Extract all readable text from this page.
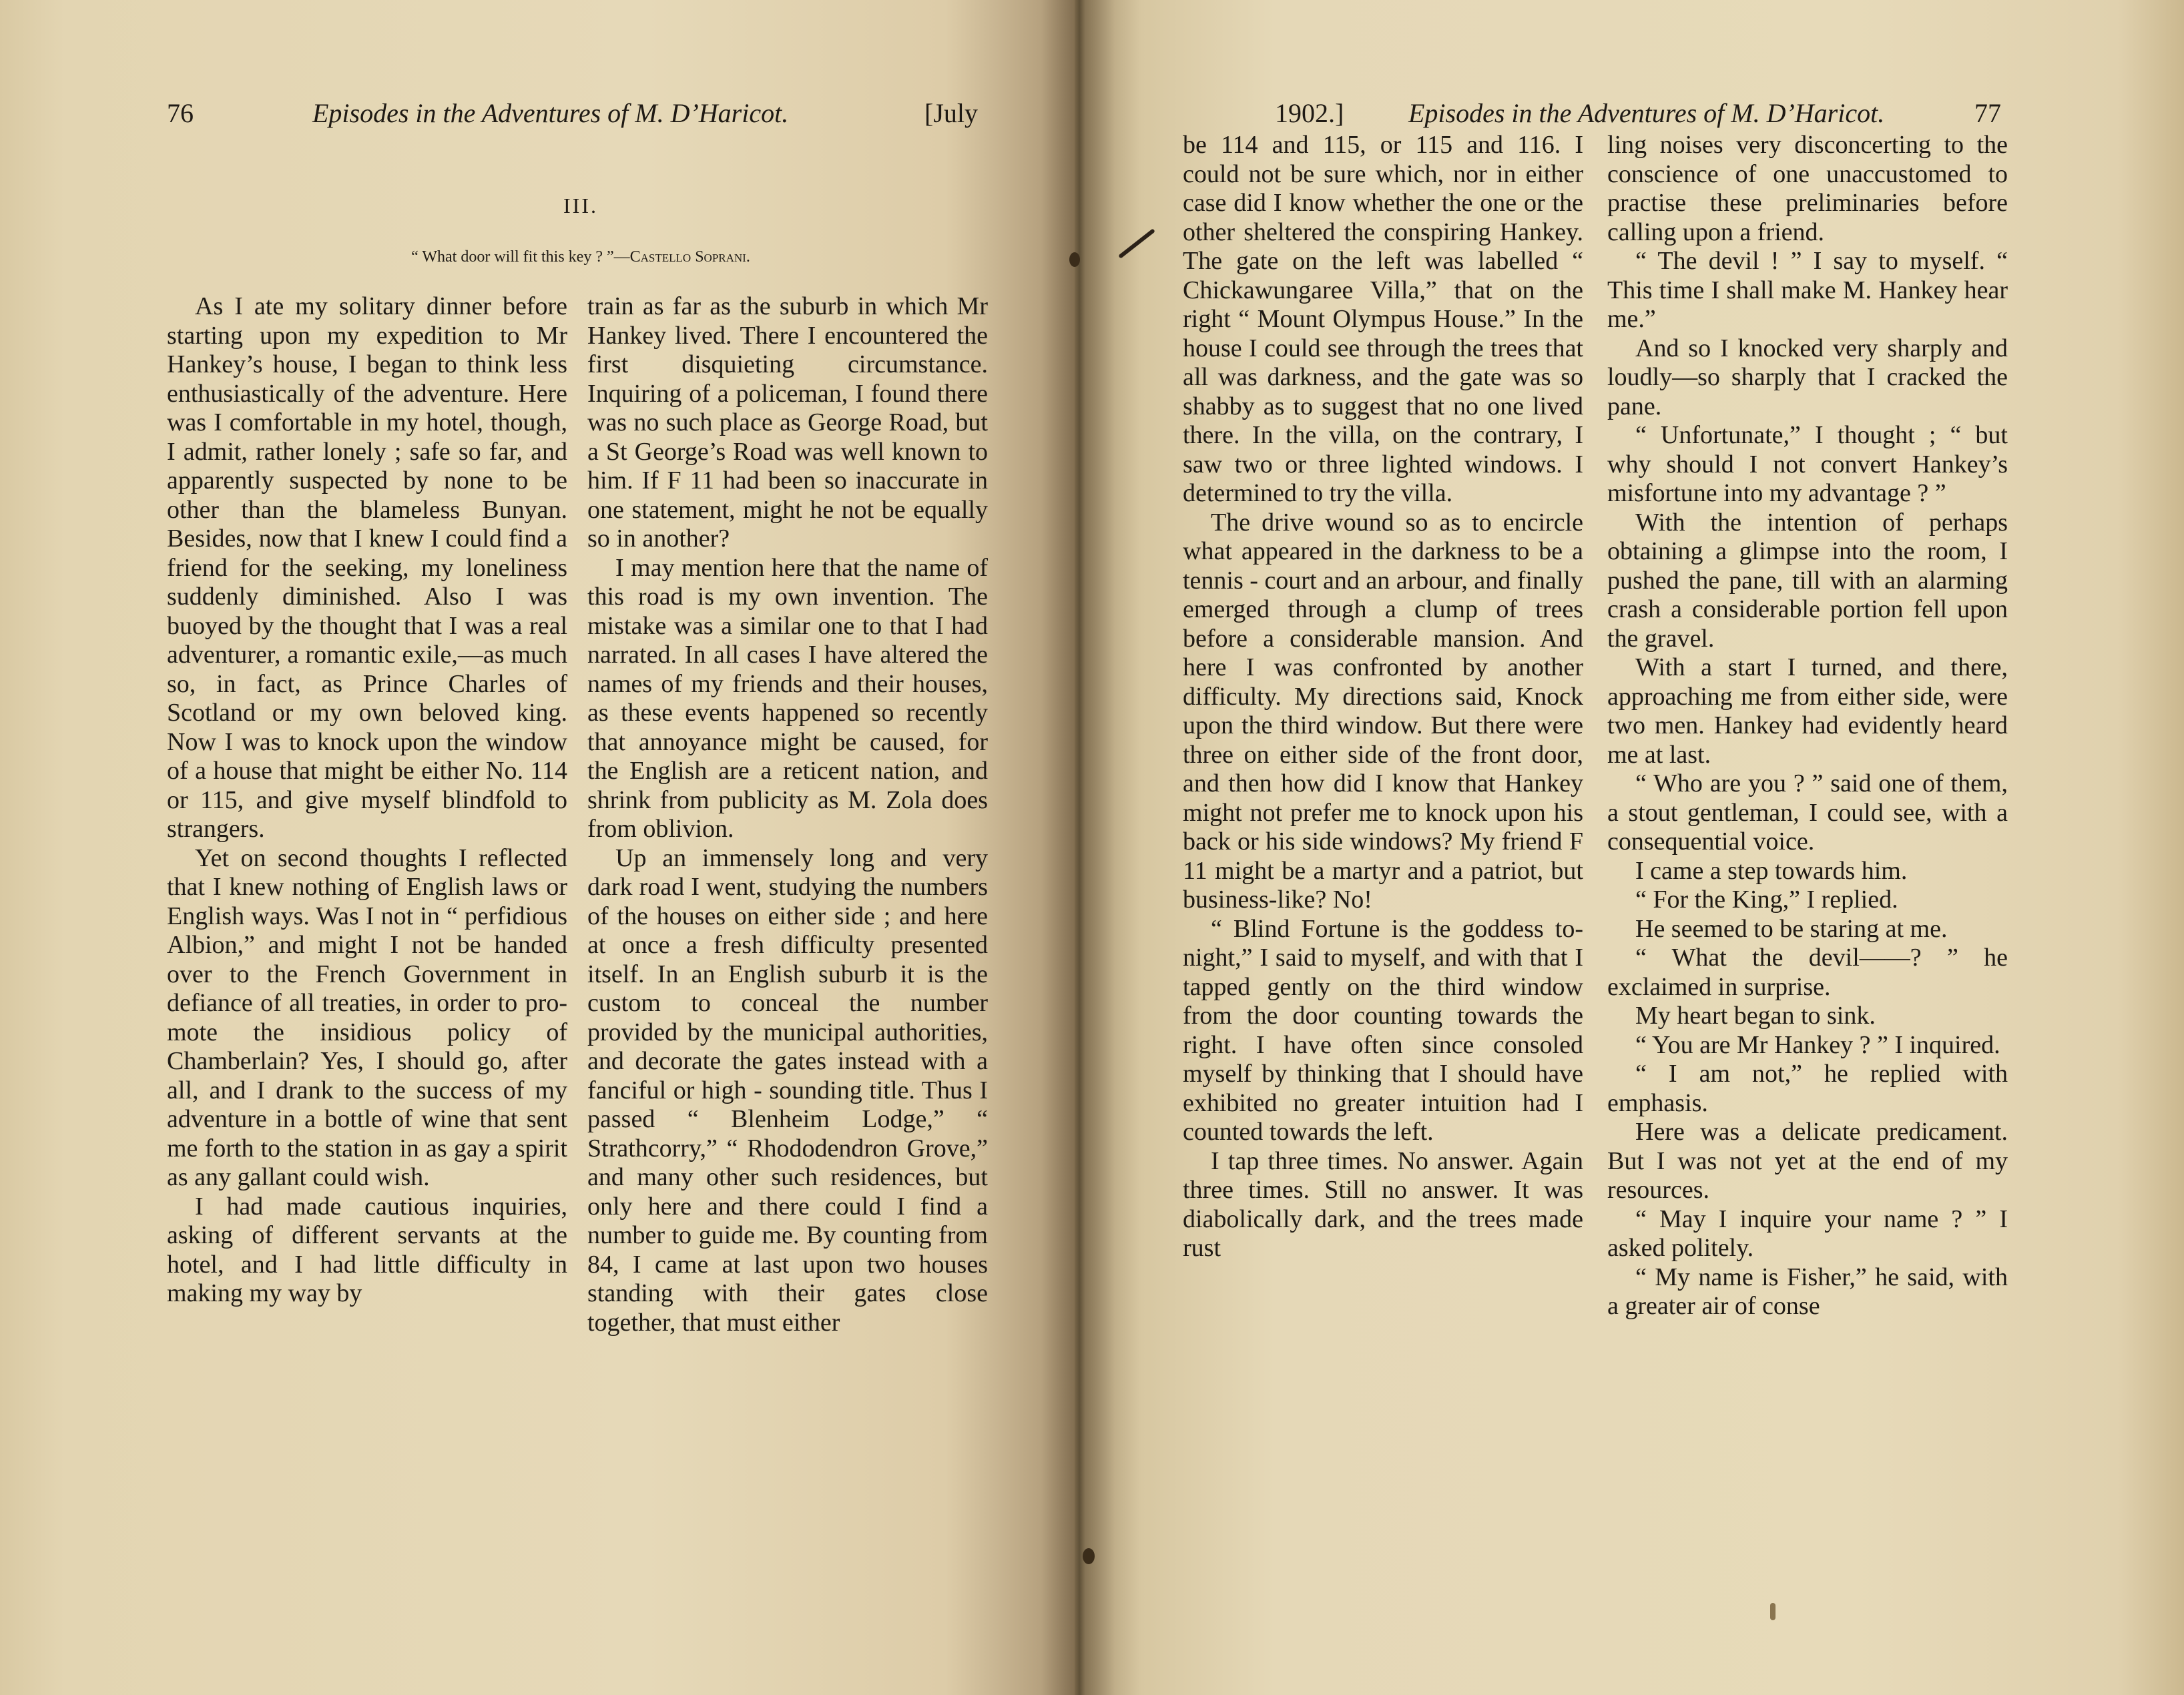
76	Episodes in the Adventures of M. D’Haricot.	[July
III.
“ What door will fit this key ? ”—Castello Soprani.

As I ate my solitary dinner before starting upon my expedition to Mr Hankey’s house, I began to think less enthusiastically of the adventure. Here was I comfortable in my hotel, though, I admit, rather lonely ; safe so far, and apparently suspected by none to be other than the blameless Bunyan. Besides, now that I knew I could find a friend for the seeking, my loneliness suddenly diminished. Also I was buoyed by the thought that I was a real adventurer, a romantic exile,—as much so, in fact, as Prince Charles of Scotland or my own beloved king. Now I was to knock upon the window of a house that might be either No. 114 or 115, and give myself blindfold to strangers.

Yet on second thoughts I reflected that I knew nothing of English laws or English ways. Was I not in “ perfidious Albion,” and might I not be handed over to the French Government in defiance of all treaties, in order to promote the insidious policy of Chamberlain? Yes, I should go, after all, and I drank to the success of my adventure in a bottle of wine that sent me forth to the station in as gay a spirit as any gallant could wish.

I had made cautious inquiries, asking of different servants at the hotel, and I had little difficulty in making my way by

train as far as the suburb in which Mr Hankey lived. There I encountered the first disquieting circumstance. Inquiring of a policeman, I found there was no such place as George Road, but a St George’s Road was well known to him. If F 11 had been so inaccurate in one statement, might he not be equally so in another?

I may mention here that the name of this road is my own invention. The mistake was a similar one to that I had narrated. In all cases I have altered the names of my friends and their houses, as these events happened so recently that annoyance might be caused, for the English are a reticent nation, and shrink from publicity as M. Zola does from oblivion.

Up an immensely long and very dark road I went, studying the numbers of the houses on either side ; and here at once a fresh difficulty presented itself. In an English suburb it is the custom to conceal the number provided by the municipal authorities, and decorate the gates instead with a fanciful or high - sounding title. Thus I passed “ Blenheim Lodge,” “ Strathcorry,” “ Rhododendron Grove,” and many other such residences, but only here and there could I find a number to guide me. By counting from 84, I came at last upon two houses standing with their gates close together, that must either

1902.] Episodes in the Adventures of M. D’Haricot.	77

be 114 and 115, or 115 and 116. I could not be sure which, nor in either case did I know whether the one or the other sheltered the conspiring Hankey. The gate on the left was labelled “ Chickawungaree Villa,” that on the right “ Mount Olympus House.” In the house I could see through the trees that all was darkness, and the gate was so shabby as to suggest that no one lived there. In the villa, on the contrary, I saw two or three lighted windows. I determined to try the villa.

The drive wound so as to encircle what appeared in the darkness to be a tennis - court and an arbour, and finally emerged through a clump of trees before a considerable mansion. And here I was confronted by another difficulty. My directions said, Knock upon the third window. But there were three on either side of the front door, and then how did I know that Hankey might not prefer me to knock upon his back or his side windows? My friend F 11 might be a martyr and a patriot, but business-like? No!

“ Blind Fortune is the goddess to-night,” I said to myself, and with that I tapped gently on the third window from the door counting towards the right. I have often since consoled myself by thinking that I should have exhibited no greater intuition had I counted towards the left.

I tap three times. No answer. Again three times. Still no answer. It was diabolically dark, and the trees made rust

ling noises very disconcerting to the conscience of one unaccustomed to practise these preliminaries before calling upon a friend.

“ The devil ! ” I say to myself. “ This time I shall make M. Hankey hear me.”

And so I knocked very sharply and loudly—so sharply that I cracked the pane.

“ Unfortunate,” I thought ; “ but why should I not convert Hankey’s misfortune into my advantage ? ”

With the intention of perhaps obtaining a glimpse into the room, I pushed the pane, till with an alarming crash a considerable portion fell upon the gravel.

With a start I turned, and there, approaching me from either side, were two men. Hankey had evidently heard me at last.

“ Who are you ? ” said one of them, a stout gentleman, I could see, with a consequential voice.

I came a step towards him.

“ For the King,” I replied.

He seemed to be staring at me.

“ What the devil——? ” he exclaimed in surprise.

My heart began to sink.

“ You are Mr Hankey ? ” I inquired.

“ I am not,” he replied with emphasis.

Here was a delicate predicament. But I was not yet at the end of my resources.

“ May I inquire your name ? ” I asked politely.

“ My name is Fisher,” he said, with a greater air of conse
